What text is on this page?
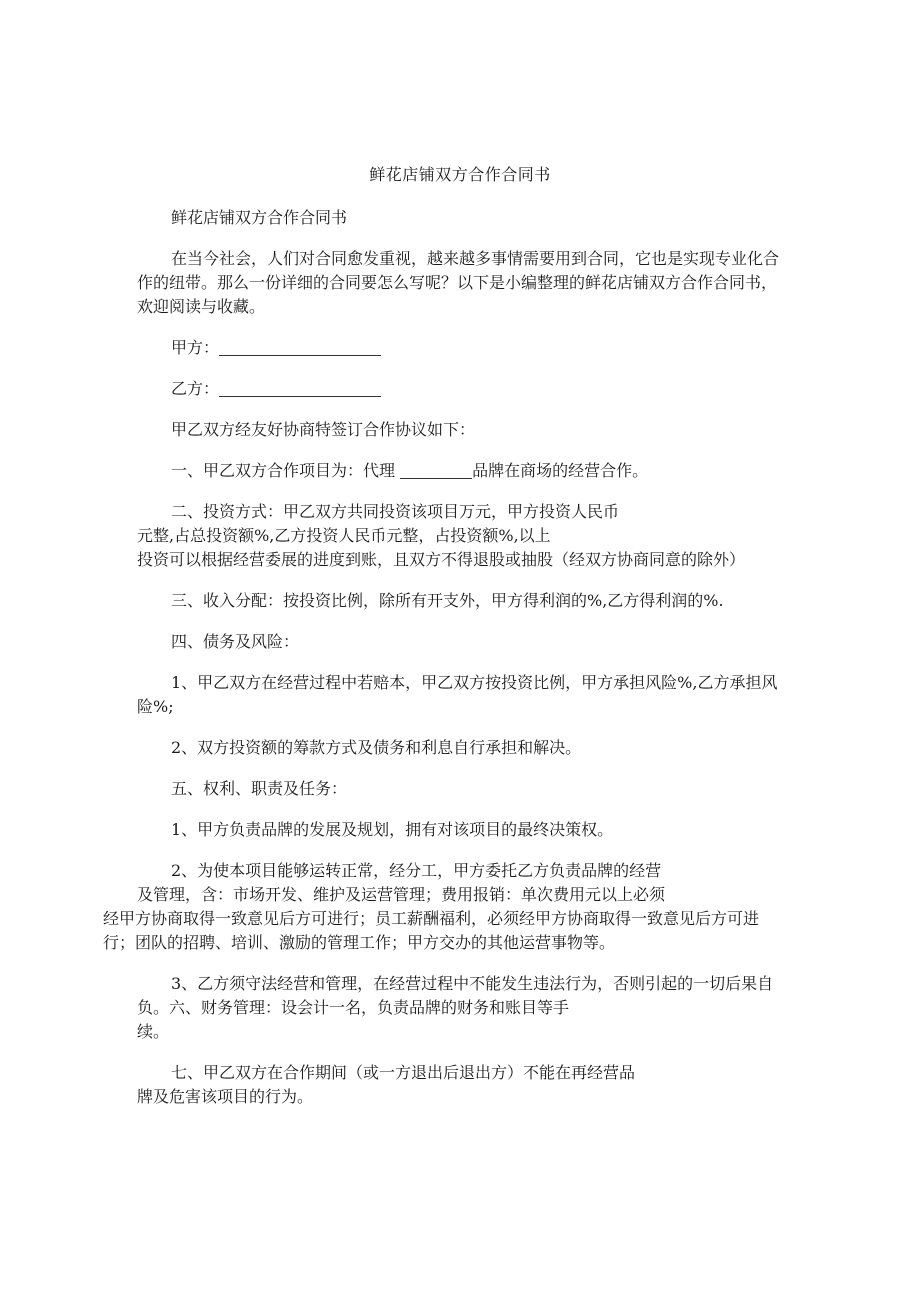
鲜花店铺双方合作合同书

鲜花店铺双方合作合同书

在当今社会，人们对合同愈发重视，越来越多事情需要用到合同，它也是实现专业化合作的纽带。那么一份详细的合同要怎么写呢？以下是小编整理的鲜花店铺双方合作合同书，欢迎阅读与收藏。

甲方：

乙方：

甲乙双方经友好协商特签订合作协议如下：

一、甲乙双方合作项目为：代理	品牌在商场的经营合作。

二、投资方式：甲乙双方共同投资该项目万元，甲方投资人民币
元整,占总投资额%,乙方投资人民币元整，占投资额%,以上
投资可以根据经营委展的进度到账，且双方不得退股或抽股（经双方协商同意的除外）

三、收入分配：按投资比例，除所有开支外，甲方得利润的%,乙方得利润的%.

四、债务及风险：

1、甲乙双方在经营过程中若赔本，甲乙双方按投资比例，甲方承担风险%,乙方承担风险%;

2、双方投资额的筹款方式及债务和利息自行承担和解决。

五、权利、职责及任务：

1、甲方负责品牌的发展及规划，拥有对该项目的最终决策权。

2、为使本项目能够运转正常，经分工，甲方委托乙方负责品牌的经营
及管理，含：市场开发、维护及运营管理；费用报销：单次费用元以上必须
经甲方协商取得一致意见后方可进行；员工薪酬福利，必须经甲方协商取得一致意见后方可进行；团队的招聘、培训、激励的管理工作；甲方交办的其他运营事物等。

3、乙方须守法经营和管理，在经营过程中不能发生违法行为，否则引起的一切后果自负。六、财务管理：设会计一名，负责品牌的财务和账目等手
续。

七、甲乙双方在合作期间（或一方退出后退出方）不能在再经营品
牌及危害该项目的行为。
